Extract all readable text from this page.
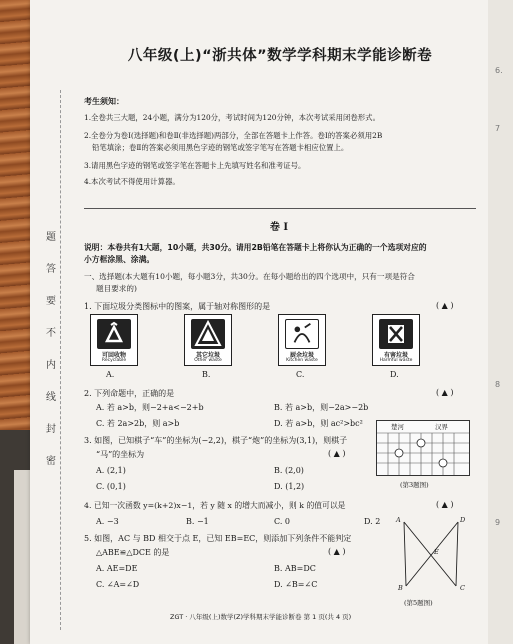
6.
7
8
9
题
答
要
不
内
线
封
密
八年级(上)“浙共体”数学学科期末学能诊断卷
考生须知：
1.全卷共三大题，24小题，满分为120分，考试时间为120分钟，本次考试采用闭卷形式。
2.全卷分为卷Ⅰ(选择题)和卷Ⅱ(非选择题)两部分，全部在答题卡上作答。卷Ⅰ的答案必须用2B
铅笔填涂；卷Ⅱ的答案必须用黑色字迹的钢笔或签字笔写在答题卡相应位置上。
3.请用黑色字迹的钢笔或签字笔在答题卡上先填写姓名和准考证号。
4.本次考试不得使用计算器。
卷 Ⅰ
说明：本卷共有1大题，10小题，共30分。请用2B铅笔在答题卡上将你认为正确的一个选项对应的
小方框涂黑、涂满。
一、选择题(本大题有10小题，每小题3分，共30分。在每小题给出的四个选项中，只有一项是符合
题目要求的)
1. 下面垃圾分类图标中的图案，属于轴对称图形的是	( ▲ )
可回收物
Recyclable
其它垃圾
Other waste
厨余垃圾
Kitchen waste
有害垃圾
Harmful waste
A.	B.	C.	D.
2. 下列命题中，正确的是	( ▲ )
A. 若 a>b，则−2+a<−2+b	B. 若 a>b，则−2a>−2b
C. 若 2a>2b，则 a>b	D. 若 a>b，则 ac²>bc²
3. 如图，已知棋子“车”的坐标为(−2,2)，棋子“炮”的坐标为(3,1)，则棋子
“马”的坐标为	( ▲ )
A. (2,1)	B. (2,0)
C. (0,1)	D. (1,2)
楚河	汉界
(第3题图)
4. 已知一次函数 y=(k+2)x−1，若 y 随 x 的增大而减小，则 k 的值可以是	( ▲ )
A. −3	B. −1	C. 0	D. 2
5. 如图，AC 与 BD 相交于点 E，已知 EB=EC，则添加下列条件不能判定
△ABE≌△DCE 的是	( ▲ )
A. AE=DE	B. AB=DC
C. ∠A=∠D	D. ∠B=∠C
A	D
E
B	C
(第5题图)
ZGT · 八年级(上)数学(Z)学科期末学能诊断卷 第 1 页(共 4 页)
